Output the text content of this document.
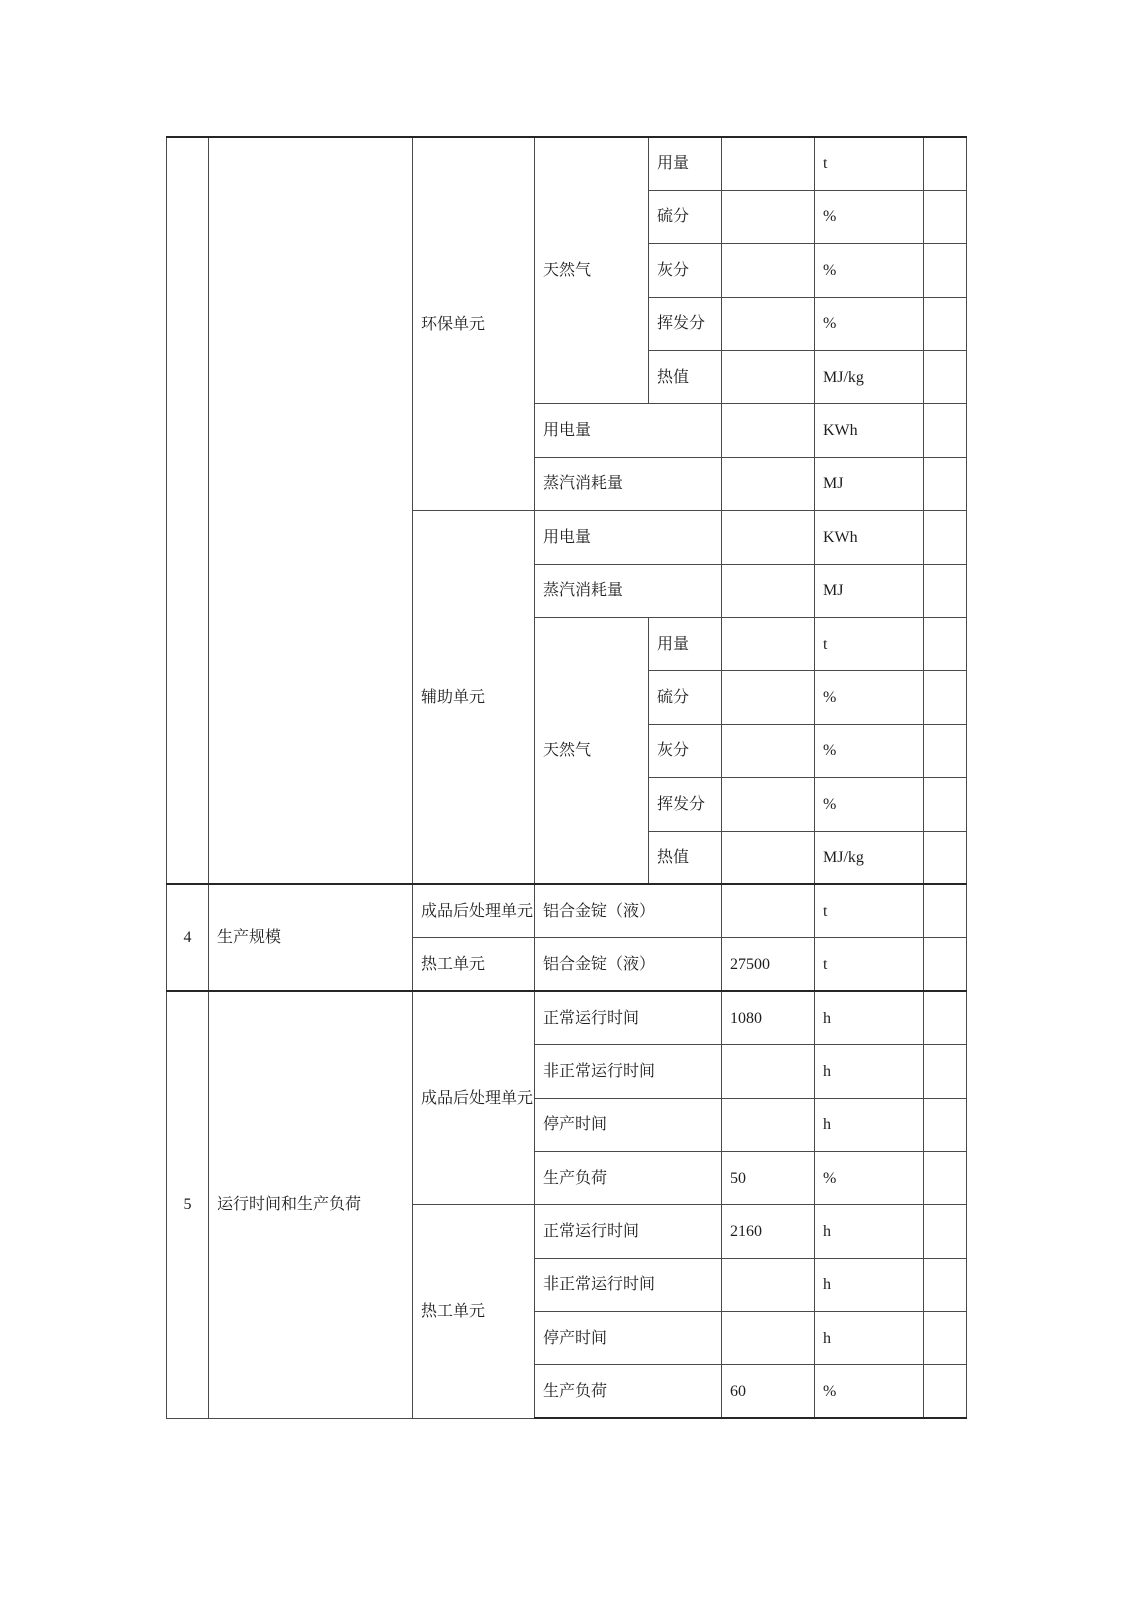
		环保单元	天然气	用量		t	
				硫分		%	
				灰分		%	
				挥发分		%	
				热值		MJ/kg	
			用电量			KWh	
			蒸汽消耗量			MJ	
		辅助单元	用电量			KWh	
			蒸汽消耗量			MJ	
			天然气	用量		t	
				硫分		%	
				灰分		%	
				挥发分		%	
				热值		MJ/kg	
4	生产规模	成品后处理单元	铝合金锭（液）			t	
		热工单元	铝合金锭（液）		27500	t	
5	运行时间和生产负荷	成品后处理单元	正常运行时间		1080	h	
			非正常运行时间			h	
			停产时间			h	
			生产负荷		50	%	
		热工单元	正常运行时间		2160	h	
			非正常运行时间			h	
			停产时间			h	
			生产负荷		60	%	
